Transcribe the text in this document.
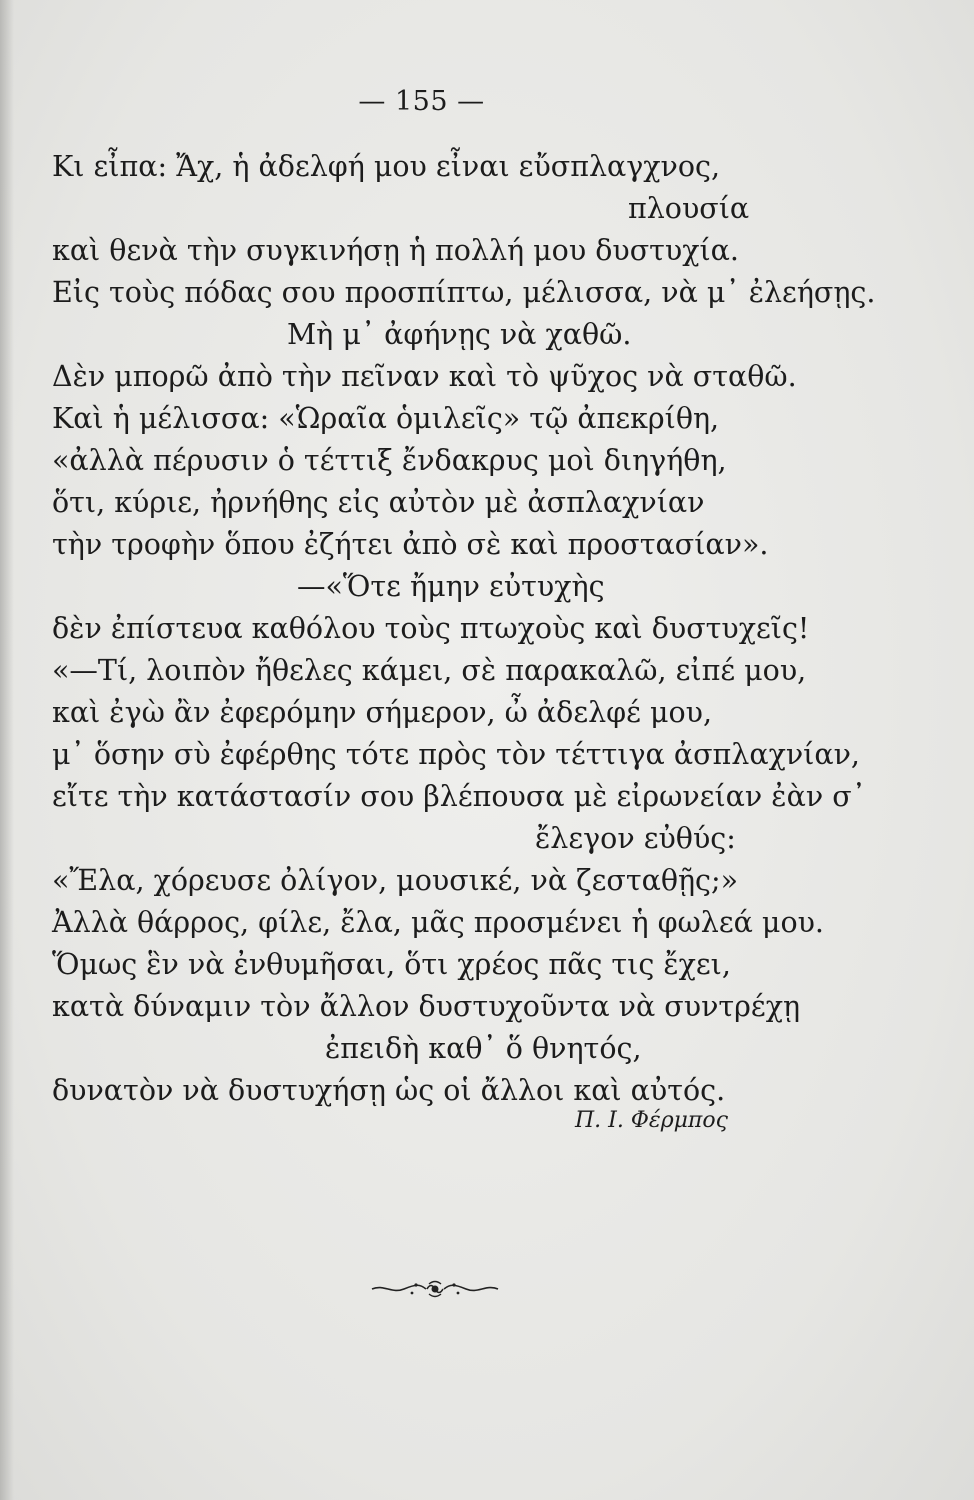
— 155 —
Κι εἶπα: Ἄχ, ἡ ἀδελφή μου εἶναι εὔσπλαγχνος,
πλουσία
καὶ θενὰ τὴν συγκινήσῃ ἡ πολλή μου δυστυχία.
Εἰς τοὺς πόδας σου προσπίπτω, μέλισσα, νὰ μ᾽ ἐλεήσῃς.
Μὴ μ᾽ ἀφήνῃς νὰ χαθῶ.
Δὲν μπορῶ ἀπὸ τὴν πεῖναν καὶ τὸ ψῦχος νὰ σταθῶ.
Καὶ ἡ μέλισσα: «Ὡραῖα ὁμιλεῖς» τῷ ἀπεκρίθη,
«ἀλλὰ πέρυσιν ὁ τέττιξ ἔνδακρυς μοὶ διηγήθη,
ὅτι, κύριε, ἠρνήθης εἰς αὐτὸν μὲ ἀσπλαχνίαν
τὴν τροφὴν ὅπου ἐζήτει ἀπὸ σὲ καὶ προστασίαν».
—«Ὅτε ἤμην εὐτυχὴς
δὲν ἐπίστευα καθόλου τοὺς πτωχοὺς καὶ δυστυχεῖς!
«—Τί, λοιπὸν ἤθελες κάμει, σὲ παρακαλῶ, εἰπέ μου,
καὶ ἐγὼ ἂν ἐφερόμην σήμερον, ὦ ἀδελφέ μου,
μ᾽ ὅσην σὺ ἐφέρθης τότε πρὸς τὸν τέττιγα ἀσπλαχνίαν,
εἴτε τὴν κατάστασίν σου βλέπουσα μὲ εἰρωνείαν ἐὰν σ᾽
ἔλεγον εὐθύς:
«Ἔλα, χόρευσε ὀλίγον, μουσικέ, νὰ ζεσταθῇς;»
Ἀλλὰ θάρρος, φίλε, ἔλα, μᾶς προσμένει ἡ φωλεά μου.
Ὅμως ἓν νὰ ἐνθυμῆσαι, ὅτι χρέος πᾶς τις ἔχει,
κατὰ δύναμιν τὸν ἄλλον δυστυχοῦντα νὰ συντρέχῃ
ἐπειδὴ καθ᾽ ὅ θνητός,
δυνατὸν νὰ δυστυχήσῃ ὡς οἱ ἄλλοι καὶ αὐτός.
Π. Ι. Φέρμπος
